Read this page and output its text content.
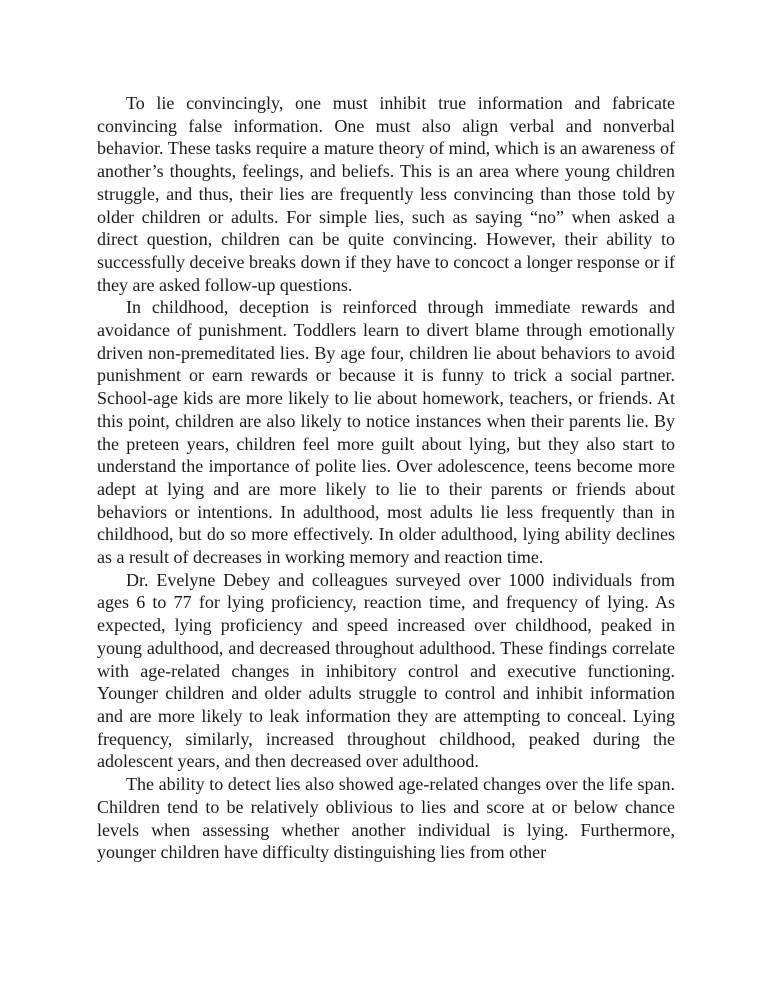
To lie convincingly, one must inhibit true information and fabricate convincing false information. One must also align verbal and nonverbal behavior. These tasks require a mature theory of mind, which is an awareness of another’s thoughts, feelings, and beliefs. This is an area where young children struggle, and thus, their lies are frequently less convincing than those told by older children or adults. For simple lies, such as saying “no” when asked a direct question, children can be quite convincing. However, their ability to successfully deceive breaks down if they have to concoct a longer response or if they are asked follow-up questions.

In childhood, deception is reinforced through immediate rewards and avoidance of punishment. Toddlers learn to divert blame through emotionally driven non-premeditated lies. By age four, children lie about behaviors to avoid punishment or earn rewards or because it is funny to trick a social partner. School-age kids are more likely to lie about homework, teachers, or friends. At this point, children are also likely to notice instances when their parents lie. By the preteen years, children feel more guilt about lying, but they also start to understand the importance of polite lies. Over adolescence, teens become more adept at lying and are more likely to lie to their parents or friends about behaviors or intentions. In adulthood, most adults lie less frequently than in childhood, but do so more effectively. In older adulthood, lying ability declines as a result of decreases in working memory and reaction time.

Dr. Evelyne Debey and colleagues surveyed over 1000 individuals from ages 6 to 77 for lying proficiency, reaction time, and frequency of lying. As expected, lying proficiency and speed increased over childhood, peaked in young adulthood, and decreased throughout adulthood. These findings correlate with age-related changes in inhibitory control and executive functioning. Younger children and older adults struggle to control and inhibit information and are more likely to leak information they are attempting to conceal. Lying frequency, similarly, increased throughout childhood, peaked during the adolescent years, and then decreased over adulthood.

The ability to detect lies also showed age-related changes over the life span. Children tend to be relatively oblivious to lies and score at or below chance levels when assessing whether another individual is lying. Furthermore, younger children have difficulty distinguishing lies from other
